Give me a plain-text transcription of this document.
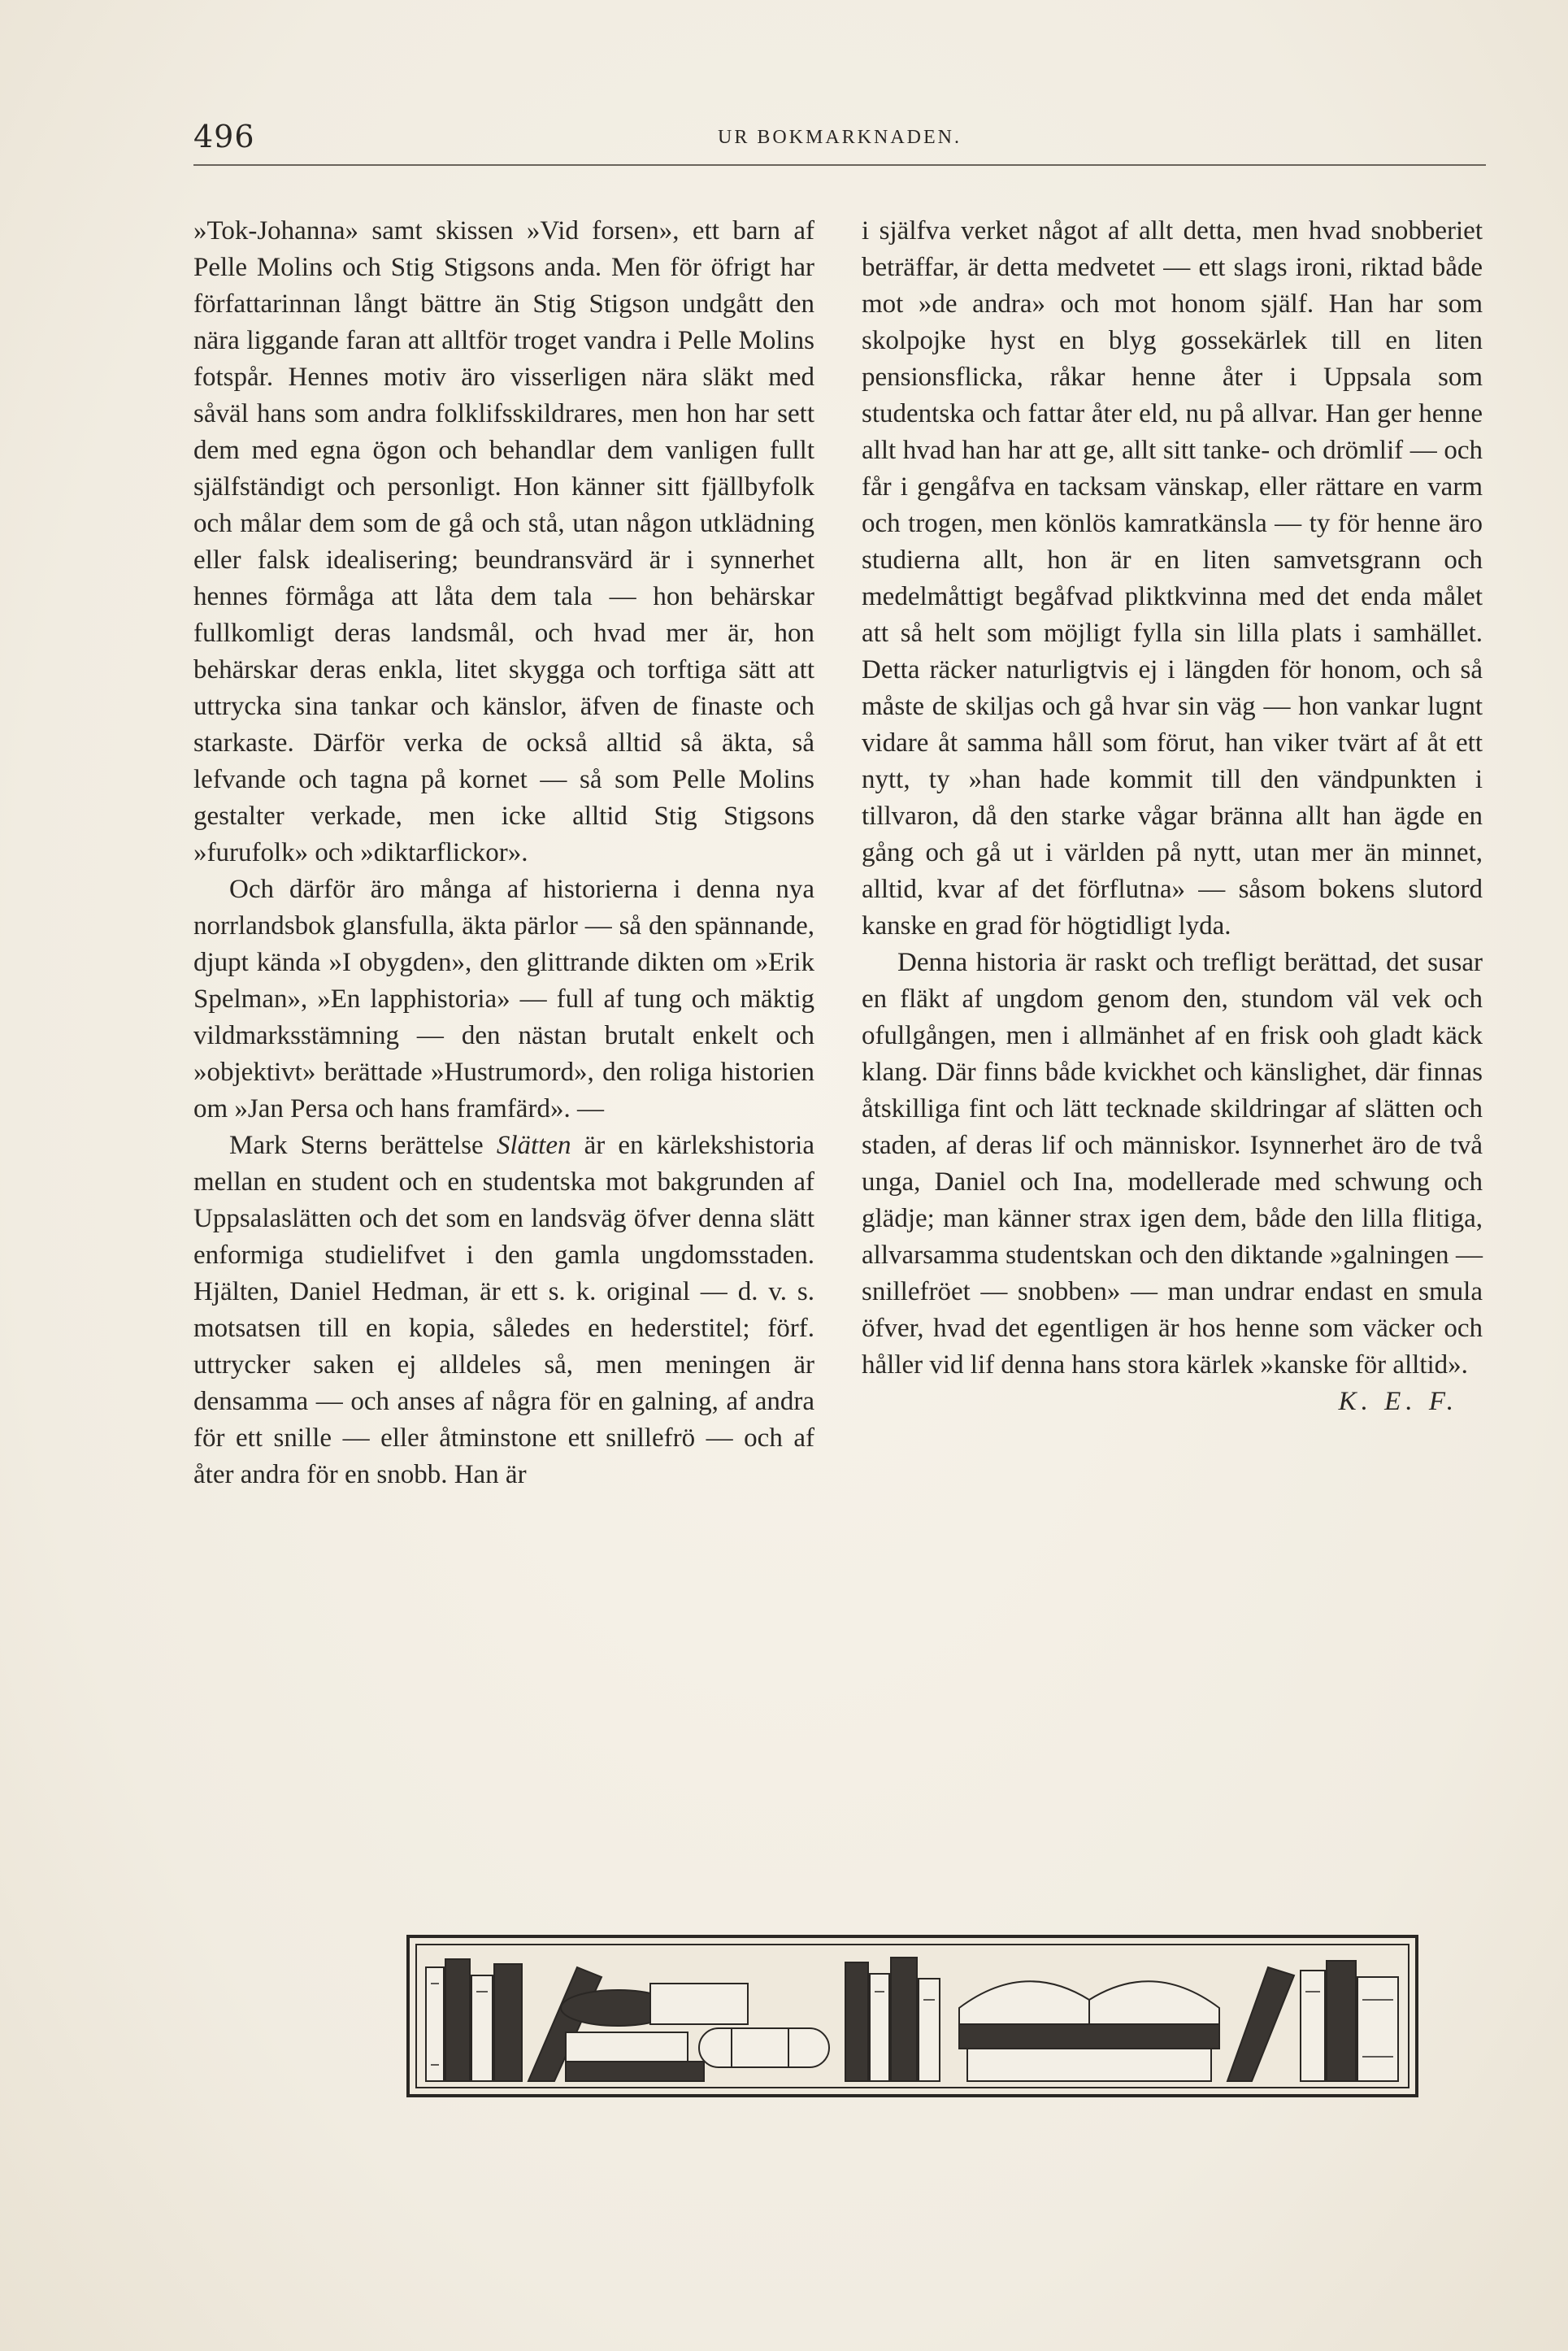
496	UR BOKMARKNADEN.

»Tok-Johanna» samt skissen »Vid forsen», ett barn af Pelle Molins och Stig Stigsons anda. Men för öfrigt har författarinnan långt bättre än Stig Stigson undgått den nära liggande faran att alltför troget vandra i Pelle Molins fotspår. Hennes motiv äro visserligen nära släkt med såväl hans som andra folklifsskildrares, men hon har sett dem med egna ögon och behandlar dem vanligen fullt själfständigt och personligt. Hon känner sitt fjällbyfolk och målar dem som de gå och stå, utan någon utklädning eller falsk idealisering; beundransvärd är i synnerhet hennes förmåga att låta dem tala — hon behärskar fullkomligt deras landsmål, och hvad mer är, hon behärskar deras enkla, litet skygga och torftiga sätt att uttrycka sina tankar och känslor, äfven de finaste och starkaste. Därför verka de också alltid så äkta, så lefvande och tagna på kornet — så som Pelle Molins gestalter verkade, men icke alltid Stig Stigsons »furufolk» och »diktarflickor».

Och därför äro många af historierna i denna nya norrlandsbok glansfulla, äkta pärlor — så den spännande, djupt kända »I obygden», den glittrande dikten om »Erik Spelman», »En lapphistoria» — full af tung och mäktig vildmarksstämning — den nästan brutalt enkelt och »objektivt» berättade »Hustrumord», den roliga historien om »Jan Persa och hans framfärd». —

Mark Sterns berättelse Slätten är en kärlekshistoria mellan en student och en studentska mot bakgrunden af Uppsalaslätten och det som en landsväg öfver denna slätt enformiga studielifvet i den gamla ungdomsstaden. Hjälten, Daniel Hedman, är ett s. k. original — d. v. s. motsatsen till en kopia, således en hederstitel; förf. uttrycker saken ej alldeles så, men meningen är densamma — och anses af några för en galning, af andra för ett snille — eller åtminstone ett snillefrö — och af åter andra för en snobb. Han är

i själfva verket något af allt detta, men hvad snobberiet beträffar, är detta medvetet — ett slags ironi, riktad både mot »de andra» och mot honom själf. Han har som skolpojke hyst en blyg gossekärlek till en liten pensionsflicka, råkar henne åter i Uppsala som studentska och fattar åter eld, nu på allvar. Han ger henne allt hvad han har att ge, allt sitt tanke- och drömlif — och får i gengåfva en tacksam vänskap, eller rättare en varm och trogen, men könlös kamratkänsla — ty för henne äro studierna allt, hon är en liten samvetsgrann och medelmåttigt begåfvad pliktkvinna med det enda målet att så helt som möjligt fylla sin lilla plats i samhället. Detta räcker naturligtvis ej i längden för honom, och så måste de skiljas och gå hvar sin väg — hon vankar lugnt vidare åt samma håll som förut, han viker tvärt af åt ett nytt, ty »han hade kommit till den vändpunkten i tillvaron, då den starke vågar bränna allt han ägde en gång och gå ut i världen på nytt, utan mer än minnet, alltid, kvar af det förflutna» — såsom bokens slutord kanske en grad för högtidligt lyda.

Denna historia är raskt och trefligt berättad, det susar en fläkt af ungdom genom den, stundom väl vek och ofullgången, men i allmänhet af en frisk ooh gladt käck klang. Där finns både kvickhet och känslighet, där finnas åtskilliga fint och lätt tecknade skildringar af slätten och staden, af deras lif och människor. Isynnerhet äro de två unga, Daniel och Ina, modellerade med schwung och glädje; man känner strax igen dem, både den lilla flitiga, allvarsamma studentskan och den diktande »galningen — snillefröet — snobben» — man undrar endast en smula öfver, hvad det egentligen är hos henne som väcker och håller vid lif denna hans stora kärlek »kanske för alltid».

K. E. F.
